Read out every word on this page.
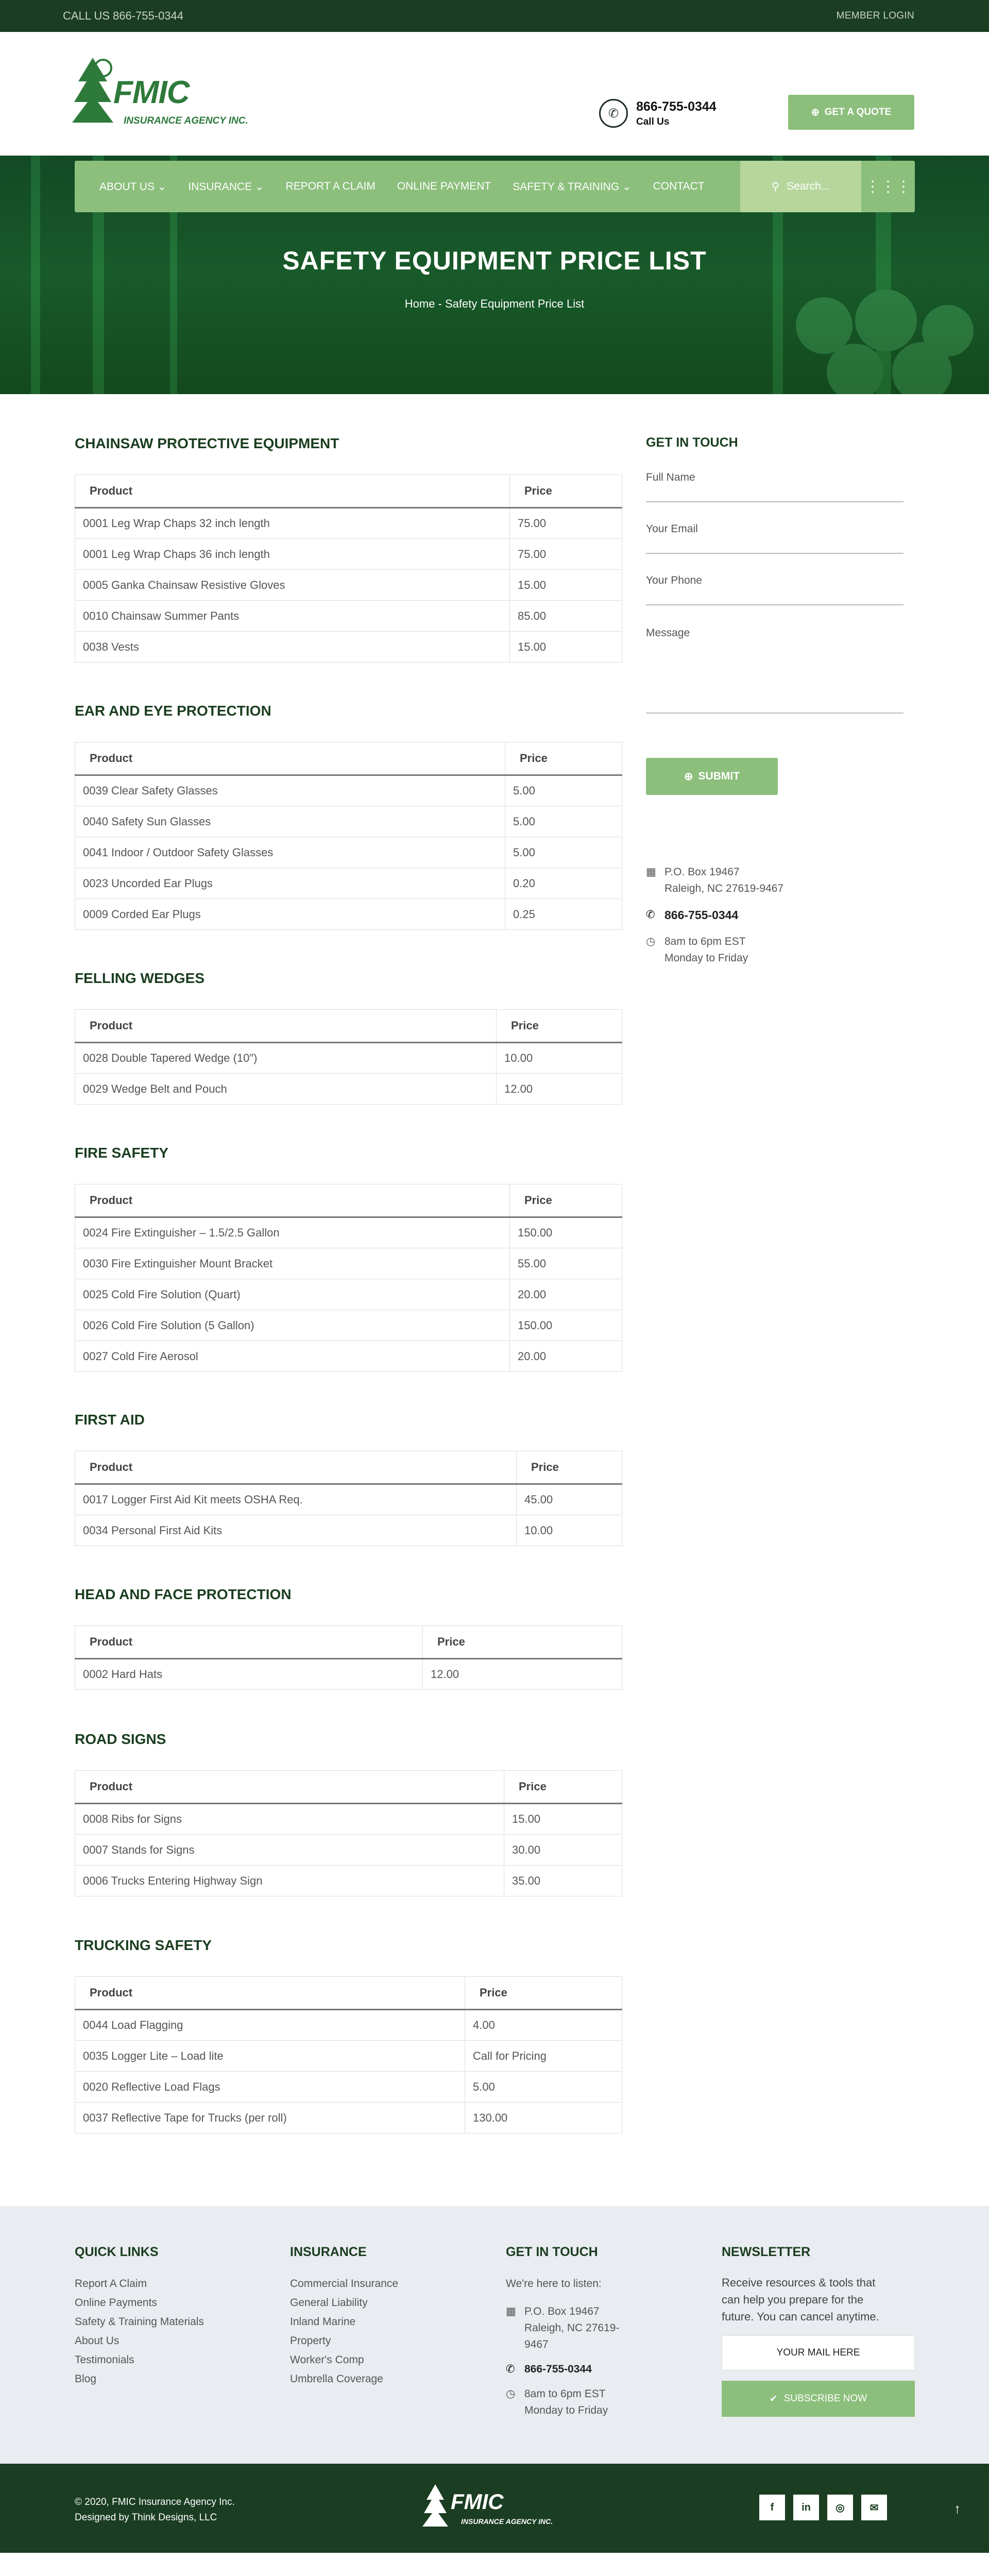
CALL US 866-755-0344	MEMBER LOGIN
FMIC
INSURANCE AGENCY INC.
✆	866-755-0344
Call Us
⊕ GET A QUOTE
ABOUT US ⌄ INSURANCE ⌄ REPORT A CLAIM ONLINE PAYMENT SAFETY & TRAINING ⌄ CONTACT	⚲ Search... ⋮⋮⋮
SAFETY EQUIPMENT PRICE LIST
Home - Safety Equipment Price List
CHAINSAW PROTECTIVE EQUIPMENT
Product	Price
0001 Leg Wrap Chaps 32 inch length	75.00
0001 Leg Wrap Chaps 36 inch length	75.00
0005 Ganka Chainsaw Resistive Gloves	15.00
0010 Chainsaw Summer Pants	85.00
0038 Vests	15.00
EAR AND EYE PROTECTION
Product	Price
0039 Clear Safety Glasses	5.00
0040 Safety Sun Glasses	5.00
0041 Indoor / Outdoor Safety Glasses	5.00
0023 Uncorded Ear Plugs	0.20
0009 Corded Ear Plugs	0.25
FELLING WEDGES
Product	Price
0028 Double Tapered Wedge (10″)	10.00
0029 Wedge Belt and Pouch	12.00
FIRE SAFETY
Product	Price
0024 Fire Extinguisher – 1.5/2.5 Gallon	150.00
0030 Fire Extinguisher Mount Bracket	55.00
0025 Cold Fire Solution (Quart)	20.00
0026 Cold Fire Solution (5 Gallon)	150.00
0027 Cold Fire Aerosol	20.00
FIRST AID
Product	Price
0017 Logger First Aid Kit meets OSHA Req.	45.00
0034 Personal First Aid Kits	10.00
HEAD AND FACE PROTECTION
Product	Price
0002 Hard Hats	12.00
ROAD SIGNS
Product	Price
0008 Ribs for Signs	15.00
0007 Stands for Signs	30.00
0006 Trucks Entering Highway Sign	35.00
TRUCKING SAFETY
Product	Price
0044 Load Flagging	4.00
0035 Logger Lite – Load lite	Call for Pricing
0020 Reflective Load Flags	5.00
0037 Reflective Tape for Trucks (per roll)	130.00
GET IN TOUCH
Full Name
Your Email
Your Phone
Message
⊕ SUBMIT
▦ P.O. Box 19467
Raleigh, NC 27619-9467
✆ 866-755-0344
◷ 8am to 6pm EST
Monday to Friday
QUICK LINKS
Report A Claim
Online Payments
Safety & Training Materials
About Us
Testimonials
Blog
INSURANCE
Commercial Insurance
General Liability
Inland Marine
Property
Worker's Comp
Umbrella Coverage
GET IN TOUCH
We're here to listen:
▦ P.O. Box 19467
Raleigh, NC 27619-
9467
✆ 866-755-0344
◷ 8am to 6pm EST
Monday to Friday
NEWSLETTER
Receive resources & tools that
can help you prepare for the
future. You can cancel anytime.
YOUR MAIL HERE
✔ SUBSCRIBE NOW
© 2020, FMIC Insurance Agency Inc.
Designed by Think Designs, LLC
FMIC
INSURANCE AGENCY INC.
f	in	◎	✉	↑
